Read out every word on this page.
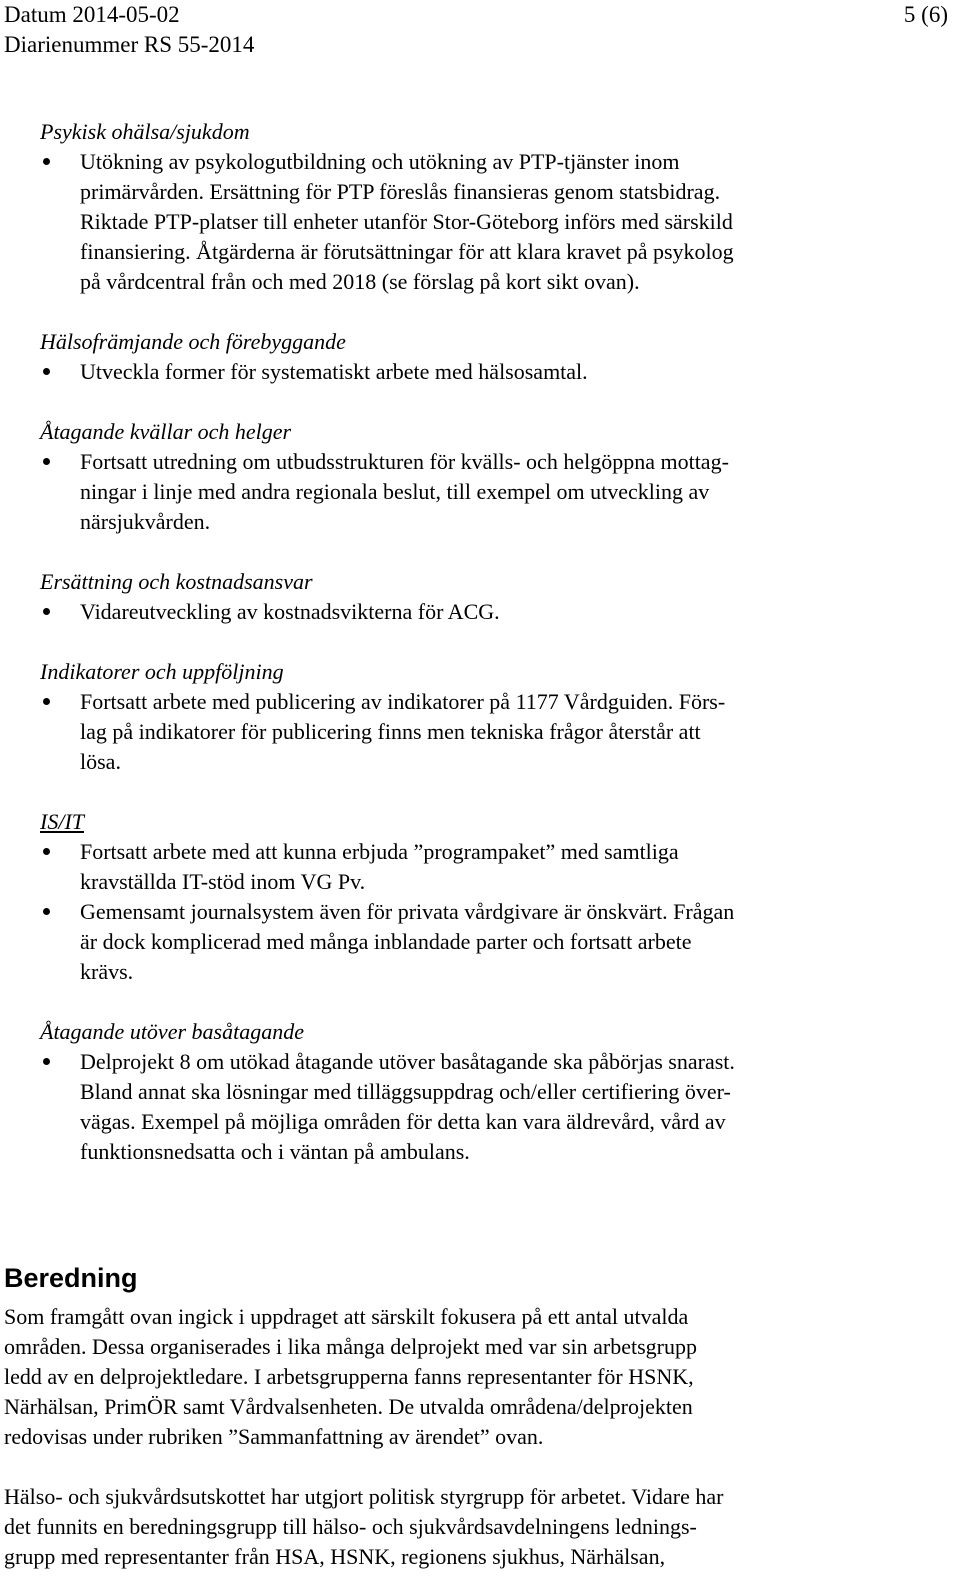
Datum 2014-05-02
Diarienummer RS 55-2014
5 (6)
Psykisk ohälsa/sjukdom
Utökning av psykologutbildning och utökning av PTP-tjänster inom
primärvården. Ersättning för PTP föreslås finansieras genom statsbidrag.
Riktade PTP-platser till enheter utanför Stor-Göteborg införs med särskild
finansiering. Åtgärderna är förutsättningar för att klara kravet på psykolog
på vårdcentral från och med 2018 (se förslag på kort sikt ovan).
Hälsofrämjande och förebyggande
Utveckla former för systematiskt arbete med hälsosamtal.
Åtagande kvällar och helger
Fortsatt utredning om utbudsstrukturen för kvälls- och helgöppna mottag-
ningar i linje med andra regionala beslut, till exempel om utveckling av
närsjukvården.
Ersättning och kostnadsansvar
Vidareutveckling av kostnadsvikterna för ACG.
Indikatorer och uppföljning
Fortsatt arbete med publicering av indikatorer på 1177 Vårdguiden. Förs-
lag på indikatorer för publicering finns men tekniska frågor återstår att
lösa.
IS/IT
Fortsatt arbete med att kunna erbjuda ”programpaket” med samtliga
kravställda IT-stöd inom VG Pv.
Gemensamt journalsystem även för privata vårdgivare är önskvärt. Frågan
är dock komplicerad med många inblandade parter och fortsatt arbete
krävs.
Åtagande utöver basåtagande
Delprojekt 8 om utökad åtagande utöver basåtagande ska påbörjas snarast.
Bland annat ska lösningar med tilläggsuppdrag och/eller certifiering över-
vägas. Exempel på möjliga områden för detta kan vara äldrevård, vård av
funktionsnedsatta och i väntan på ambulans.
Beredning

Som framgått ovan ingick i uppdraget att särskilt fokusera på ett antal utvalda
områden. Dessa organiserades i lika många delprojekt med var sin arbetsgrupp
ledd av en delprojektledare. I arbetsgrupperna fanns representanter för HSNK,
Närhälsan, PrimÖR samt Vårdvalsenheten. De utvalda områdena/delprojekten
redovisas under rubriken ”Sammanfattning av ärendet” ovan.

Hälso- och sjukvårdsutskottet har utgjort politisk styrgrupp för arbetet. Vidare har
det funnits en beredningsgrupp till hälso- och sjukvårdsavdelningens lednings-
grupp med representanter från HSA, HSNK, regionens sjukhus, Närhälsan,
